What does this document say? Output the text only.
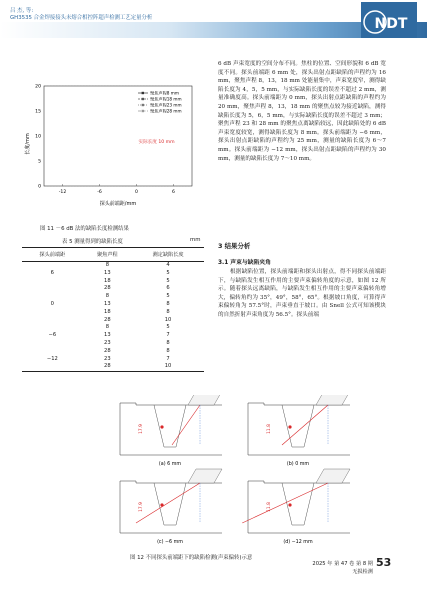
吕 杰, 等:
GH3535 合金焊接接头未熔合相控阵超声检测工艺定量分析	NDT
0
5
10
15
20
-12	-6	0	6
长度/mm
探头前端距/mm
聚焦声程8 mm
聚焦声程18 mm
聚焦声程23 mm
聚焦声程28 mm
实际长度 10 mm
图 11 －6 dB 法的缺陷长度检测结果
表 5 测量得到的缺陷长度	mm
探头前端距	聚焦声程	测定缺陷长度
	8	4
6	13	5
	18	5
	28	6
	8	5
0	13	8
	18	8
	28	10
	8	5
−6	13	7
	23	8
	28	8
−12	23	7
	28	10
6 dB 声束宽度的空间分布不同。焦柱的位置、空间形貌和 6 dB 宽度不同。探头前端距 6 mm 处，探头出射点距缺陷的声程约为 16 mm，聚焦声程 8，13，18 mm 处能量集中，声束宽度窄，测得缺陷长度为 4，5，5 mm，与实际缺陷长度的误差不超过 2 mm，测量准确度高。探头前端距为 0 mm，探头出射点距缺陷的声程约为 20 mm，聚焦声程 8，13，18 mm 的聚焦点较为接近缺陷，测得缺陷长度为 5，6，5 mm，与实际缺陷长度的误差不超过 3 mm；聚焦声程 23 和 28 mm 的聚焦点离缺陷较远，因此缺陷处的 6 dB 声束宽度较宽，测得缺陷长度为 8 mm。探头前端距为 −6 mm，探头出射点距缺陷的声程约为 25 mm，测量的缺陷长度为 6～7 mm。探头前端距为 −12 mm，探头出射点距缺陷的声程约为 30 mm，测量的缺陷长度为 7～10 mm。
3 结果分析
3.1 声束与缺陷夹角
根据缺陷位置，探头前端距和探头出射点，得不同探头前端距下，与缺陷发生相互作用的主要声束偏转角度的示意，如图 12 所示。随着探头远离缺陷，与缺陷发生相互作用的主要声束偏转角增大，偏转角约为 35°，49°，58°，65°。根据坡口角度，可算得声束偏转角为 57.5°时，声束垂直于坡口。由 Snell 公式可知该楔块的自然折射声束角度为 56.5°。探头前端
17.9
(a) 6 mm
11.8
(b) 0 mm
17.9
(c) −6 mm
11.8
(d) −12 mm
图 12 不同探头前端距下的缺陷检测(声束偏转)示意
2025 年 第 47 卷 第 8 期
无损检测
53
